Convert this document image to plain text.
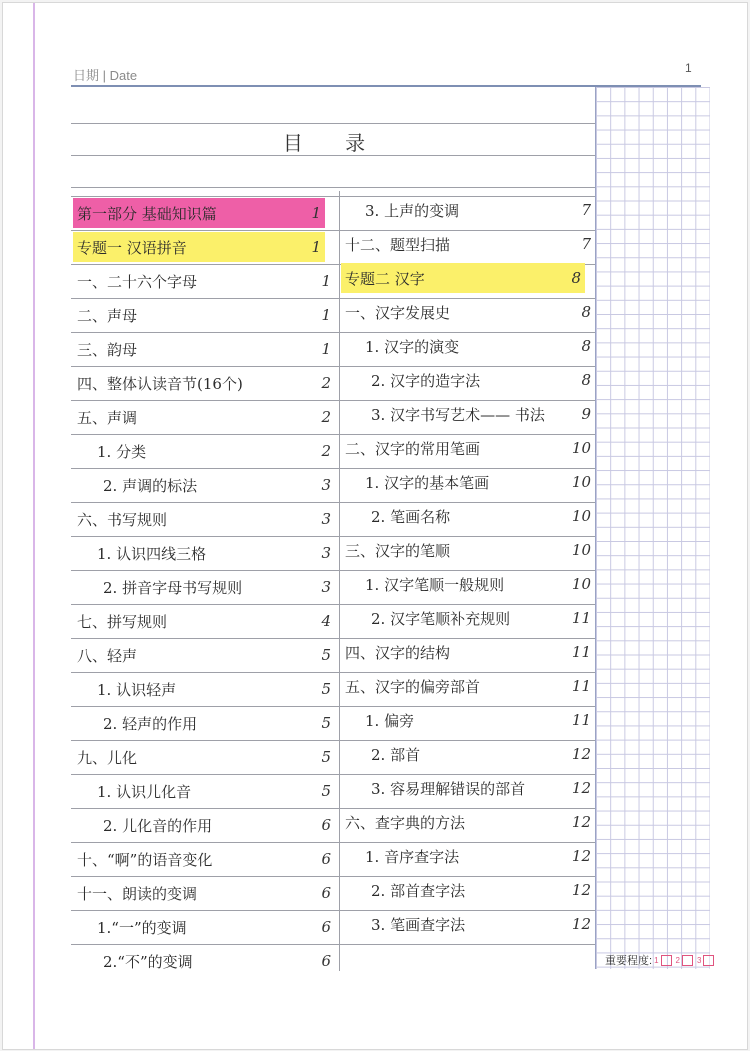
日期 | Date	1
目 录
第一部分 基础知识篇	1
专题一 汉语拼音	1
一、二十六个字母	1
二、声母	1
三、韵母	1
四、整体认读音节(16个)	2
五、声调	2
1. 分类	2
2. 声调的标法	3
六、书写规则	3
1. 认识四线三格	3
2. 拼音字母书写规则	3
七、拼写规则	4
八、轻声	5
1. 认识轻声	5
2. 轻声的作用	5
九、儿化	5
1. 认识儿化音	5
2. 儿化音的作用	6
十、“啊”的语音变化	6
十一、朗读的变调	6
1.“一”的变调	6
2.“不”的变调	6
3. 上声的变调	7
十二、题型扫描	7
专题二 汉字	8
一、汉字发展史	8
1. 汉字的演变	8
2. 汉字的造字法	8
3. 汉字书写艺术—— 书法 9
二、汉字的常用笔画	10
1. 汉字的基本笔画	10
2. 笔画名称	10
三、汉字的笔顺	10
1. 汉字笔顺一般规则	10
2. 汉字笔顺补充规则	11
四、汉字的结构	11
五、汉字的偏旁部首	11
1. 偏旁	11
2. 部首	12
3. 容易理解错误的部首	12
六、查字典的方法	12
1. 音序查字法	12
2. 部首查字法	12
3. 笔画查字法	12
重要程度: 1 2 3
